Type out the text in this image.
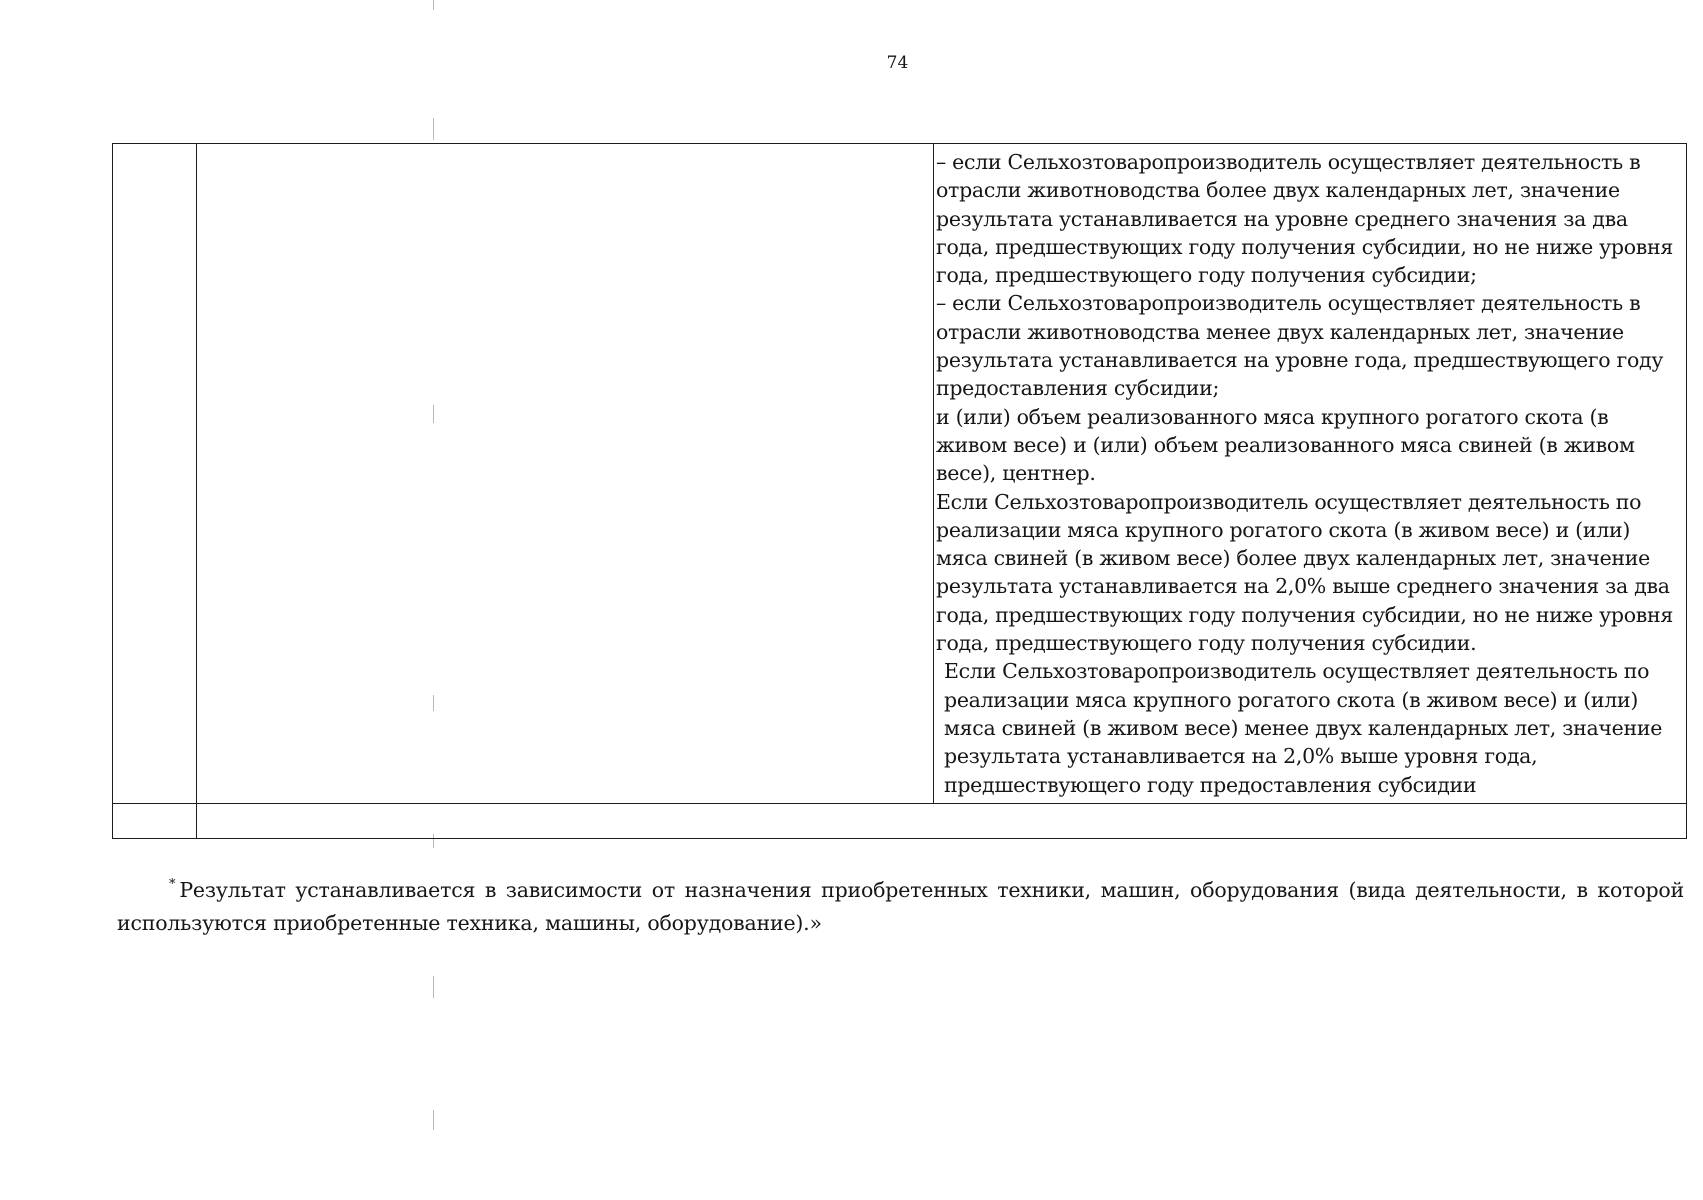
74

		– если Сельхозтоваропроизводитель осуществляет деятельность в отрасли животноводства более двух календарных лет, значение результата устанавливается на уровне среднего значения за два года, предшествующих году получения субсидии, но не ниже уровня года, предшествующего году получения субсидии;

– если Сельхозтоваропроизводитель осуществляет деятельность в отрасли животноводства менее двух календарных лет, значение результата устанавливается на уровне года, предшествующего году предоставления субсидии;

и (или) объем реализованного мяса крупного рогатого скота (в живом весе) и (или) объем реализованного мяса свиней (в живом весе), центнер.

Если Сельхозтоваропроизводитель осуществляет деятельность по реализации мяса крупного рогатого скота (в живом весе) и (или) мяса свиней (в живом весе) более двух календарных лет, значение результата устанавливается на 2,0% выше среднего значения за два года, предшествующих году получения субсидии, но не ниже уровня года, предшествующего году получения субсидии.

Если Сельхозтоваропроизводитель осуществляет деятельность по реализации мяса крупного рогатого скота (в живом весе) и (или) мяса свиней (в живом весе) менее двух календарных лет, значение результата устанавливается на 2,0% выше уровня года, предшествующего году предоставления субсидии

* Результат устанавливается в зависимости от назначения приобретенных техники, машин, оборудования (вида деятельности, в которой используются приобретенные техника, машины, оборудование).»
